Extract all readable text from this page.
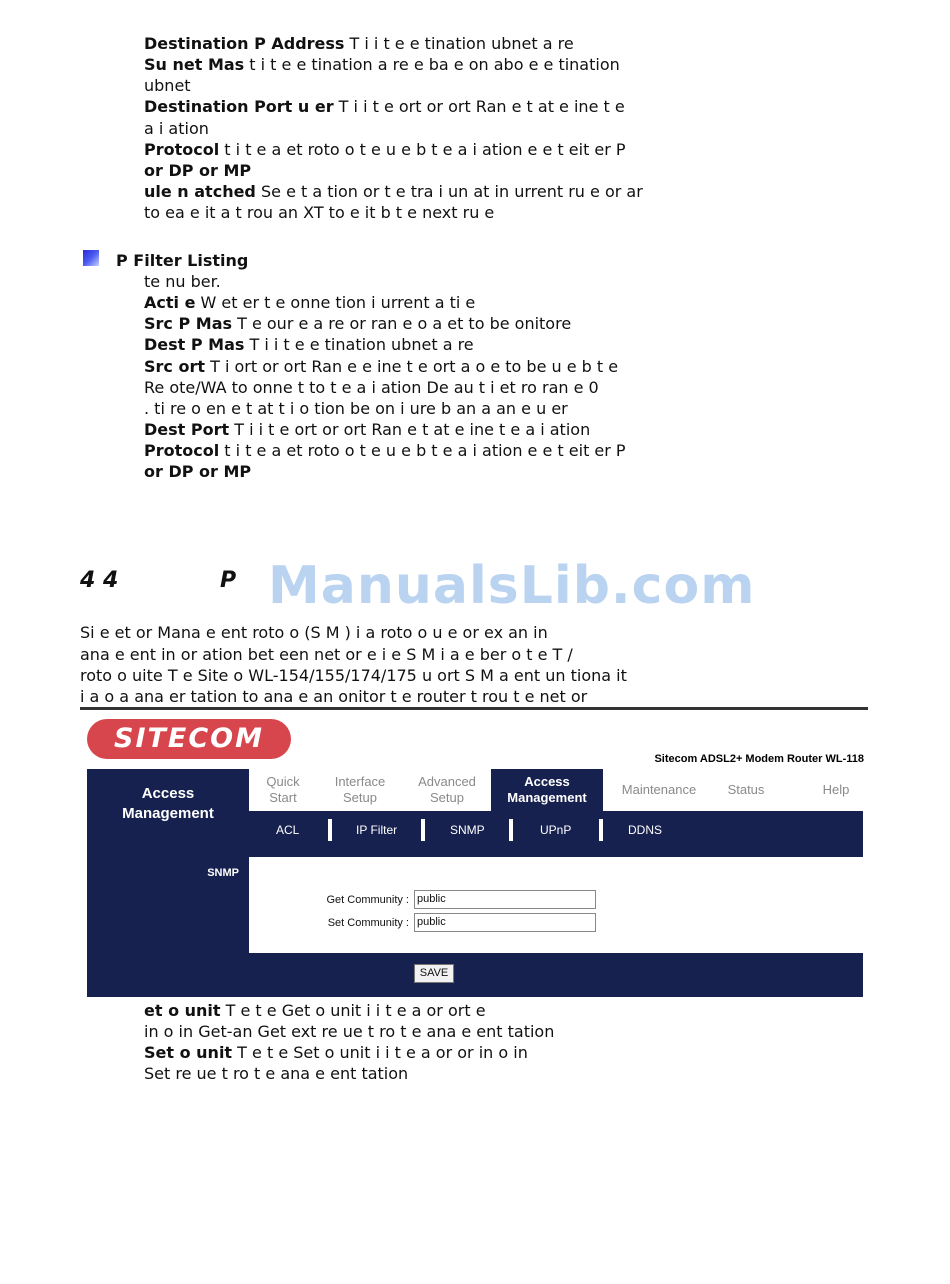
Destination P Address T i i t e e tination ubnet a re
Su net Mas t i t e e tination a re e ba e on abo e e tination
ubnet
Destination Port u er T i i t e ort or ort Ran e t at e ine t e
a i ation
Protocol t i t e a et roto o t e u e b t e a i ation e e t eit er P
or DP or MP
ule n atched Se e t a tion or t e tra i un at in urrent ru e or ar
to ea e it a t rou an XT to e it b t e next ru e
P Filter Listing
te nu ber.
Acti e W et er t e onne tion i urrent a ti e
Src P Mas T e our e a re or ran e o a et to be onitore
Dest P Mas T i i t e e tination ubnet a re
Src ort T i ort or ort Ran e e ine t e ort a o e to be u e b t e
Re ote/WA to onne t to t e a i ation De au t i et ro ran e 0
. ti re o en e t at t i o tion be on i ure b an a an e u er
Dest Port T i i t e ort or ort Ran e t at e ine t e a i ation
Protocol t i t e a et roto o t e u e b t e a i ation e e t eit er P
or DP or MP
4 4	P ManualsLib.com
Si e et or Mana e ent roto o (S M ) i a roto o u e or ex an in
ana e ent in or ation bet een net or e i e S M i a e ber o t e T /
roto o uite T e Site o WL-154/155/174/175 u ort S M a ent un tiona it
i a o a ana er tation to ana e an onitor t e router t rou t e net or
SITECOM
Sitecom ADSL2+ Modem Router WL-118
Access
Management
Quick
Start
Interface
Setup
Advanced
Setup
Access
Management
Maintenance	Status	Help
ACL	IP Filter	SNMP	UPnP	DDNS
SNMP
Get Community : public
Set Community : public
SAVE
et o unit T e t e Get o unit i i t e a or ort e
in o in Get-an Get ext re ue t ro t e ana e ent tation
Set o unit T e t e Set o unit i i t e a or or in o in
Set re ue t ro t e ana e ent tation
